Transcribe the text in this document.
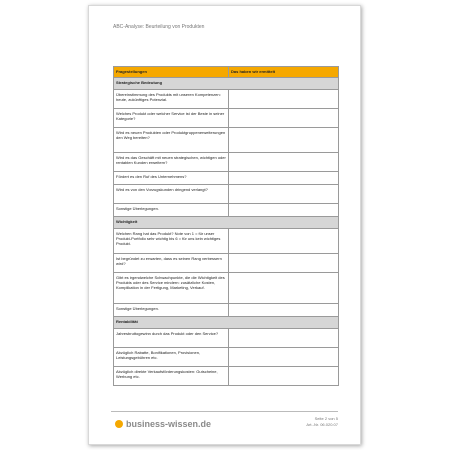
ABC-Analyse: Beurteilung von Produkten
Fragestellungen	Das haben wir ermittelt
Strategische Bedeutung	
Übereinstimmung des Produkts mit unseren Kompetenzen: heute, zukünftiges Potenzial.	
Welches Produkt oder welcher Service ist der Beste in seiner Kategorie?	
Wird es neuen Produkten oder Produktgruppenerweiterungen den Weg bereiten?	
Wird es das Geschäft mit neuen strategischen, wichtigen oder rentablen Kunden erweitern?	
Fördert es den Ruf des Unternehmens?	
Wird es von den Vorzugskunden dringend verlangt?	
Sonstige Überlegungen.	
Wichtigkeit	
Welchen Rang hat das Produkt? Note von 1 = für unser Produkt-Portfolio sehr wichtig bis 6 = für uns kein wichtiges Produkt.	
Ist begründet zu erwarten, dass es seinen Rang verbessern wird?	
Gibt es irgendwelche Schwachpunkte, die die Wichtigkeit des Produkts oder des Service mindern: zusätzliche Kosten, Komplikation in der Fertigung, Marketing, Verkauf.	
Sonstige Überlegungen.	
Rentabilität	
Jahresbruttogewinn durch das Produkt oder den Service?	
Abzüglich Rabatte, Bonifikationen, Provisionen, Leistungsgebühren etc.	
Abzüglich direkte Verkaufsförderungskosten: Gutscheine, Werbung etc.	
business-wissen.de
Seite 2 von 5
Art.-Nr. 06.020.07
